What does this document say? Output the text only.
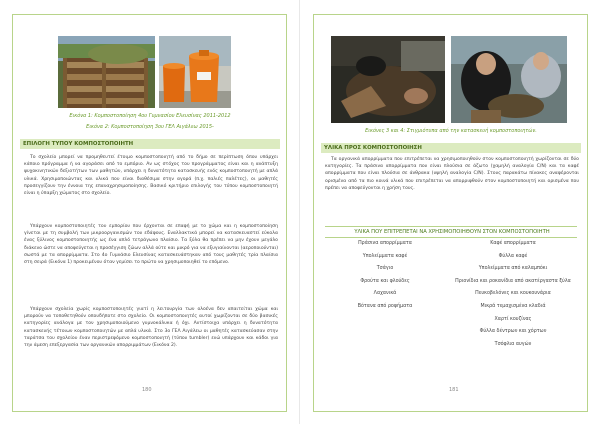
Εικόνα 1: Κομποστοποίηση 4ου Γυμνασίου Ελευσίνας 2011-2012
Εικόνα 2: Κομποστοποίηση 3ου ΓΕΛ Αιγάλεω 2015-
ΕΠΙΛΟΓΗ ΤΥΠΟΥ ΚΟΜΠΟΣΤΟΠΟΙΗΤΗ
Το σχολείο μπορεί να προμηθευτεί έτοιμο κομποστοποιητή από το δήμο σε περίπτωση όπου υπάρχει κάποιο πρόγραμμα ή να αγοράσει από το εμπόριο. Αν ως στόχος του προγράμματος είναι και η ανάπτυξη ψυχοκινητικών δεξιοτήτων των μαθητών, υπάρχει η δυνατότητα κατασκευής ενός κομποστοποιητή με απλά υλικά. Χρησιμοποιώντας και υλικά που είναι διαθέσιμα στην αγορά (π.χ. παλιές παλέτες), οι μαθητές προσεγγίζουν την έννοια της επαναχρησιμοποίησης. Βασικό κριτήριο επιλογής του τύπου κομποστοποιητή είναι η ύπαρξη χώματος στο σχολείο.
Υπάρχουν κομποστοποιητές του εμπορίου που έρχονται σε επαφή με το χώμα και η κομποστοποίηση γίνεται με τη συμβολή των μικροοργανισμών του εδάφους. Εναλλακτικά μπορεί να κατασκευαστεί εύκολα ένας ξύλινος κομποστοποιητής ως ένα απλό τετράγωνο πλαίσιο. Τα ξύλα θα πρέπει να μην έχουν μεγάλο διάκενο ώστε να αποφεύγεται η προσέγγιση ζώων αλλά ούτε και μικρό για να εξυγιαίνονται (αεροποιούνται) σωστά με τα απορρίμματα. Στο 4ο Γυμνάσιο Ελευσίνας κατασκευάστηκαν από τους μαθητές τρία πλαίσια στη σειρά (Εικόνα 1) προκειμένου όταν γεμίσει το πρώτο να χρησιμοποιηθεί το επόμενο.
Υπάρχουν σχολεία χωρίς κομποστοποιητές γιατί η λειτουργία των ολοένα δεν απαιτείται χώμα και μπορούν να τοποθετηθούν οπουδήποτε στο σχολείο. Οι κομποστοποιητές αυτοί χωρίζονται σε δύο βασικές κατηγορίες ανάλογα με τον χρησιμοποιούμενο γυμνοκάλυκα ή όχι. Αντίστοιχα υπάρχει η δυνατότητα κατασκευής τέτοιων κομποστοποιητών με απλά υλικά. Στο 3ο ΓΕΛ Αιγάλεω οι μαθητές κατασκεύασαν στην ταράτσα του σχολείου έναν περιστρεφόμενο κομποστοποιητή (τύπου tumbler) ενώ υπάρχουν και κάδοι για την άμεση επεξεργασία των οργανικών απορριμμάτων (Εικόνα 2).
180
Εικόνες 3 και 4: Στιγμιότυπα από την κατασκευή κομποστοποιητών.
ΥΛΙΚΑ ΠΡΟΣ ΚΟΜΠΟΣΤΟΠΟΙΗΣΗ
Τα οργανικά απορρίμματα που επιτρέπεται να χρησιμοποιηθούν στον κομποστοποιητή χωρίζονται σε δύο κατηγορίες. Τα πράσινα απορρίμματα που είναι πλούσια σε άζωτο (χαμηλή αναλογία C/N) και τα καφέ απορρίμματα που είναι πλούσια σε άνθρακα (υψηλή αναλογία C/N). Στους παρακάτω πίνακες αναφέρονται ορισμένα από τα πιο κοινά υλικά που επιτρέπεται να απορριφθούν στον κομποστοποιητή και ορισμένα που πρέπει να αποφεύγονται η χρήση τους.
ΥΛΙΚΑ ΠΟΥ ΕΠΙΤΡΕΠΕΤΑΙ ΝΑ ΧΡΗΣΙΜΟΠΟΙΗΘΟΥΝ ΣΤΟΝ ΚΟΜΠΟΣΤΟΠΟΙΗΤΗ
Πράσινα απορρίμματα
Υπολείμματα καφέ
Τσάγιο
Φρούτα και φλούδες
Λαχανικά
Βότανα από ροφήματα
Καφέ απορρίμματα
Φύλλα καφέ
Υπολείμματα από καλαμπόκι
Πριονίδια και ροκανίδια από ακατέργαστα ξύλα
Πευκοβελόνες και κουκουνάρια
Μικρά τεμαχισμένα κλαδιά
Χαρτί κουζίνας
Φύλλα δέντρων και χόρτων
Τσόφλια αυγών
181
